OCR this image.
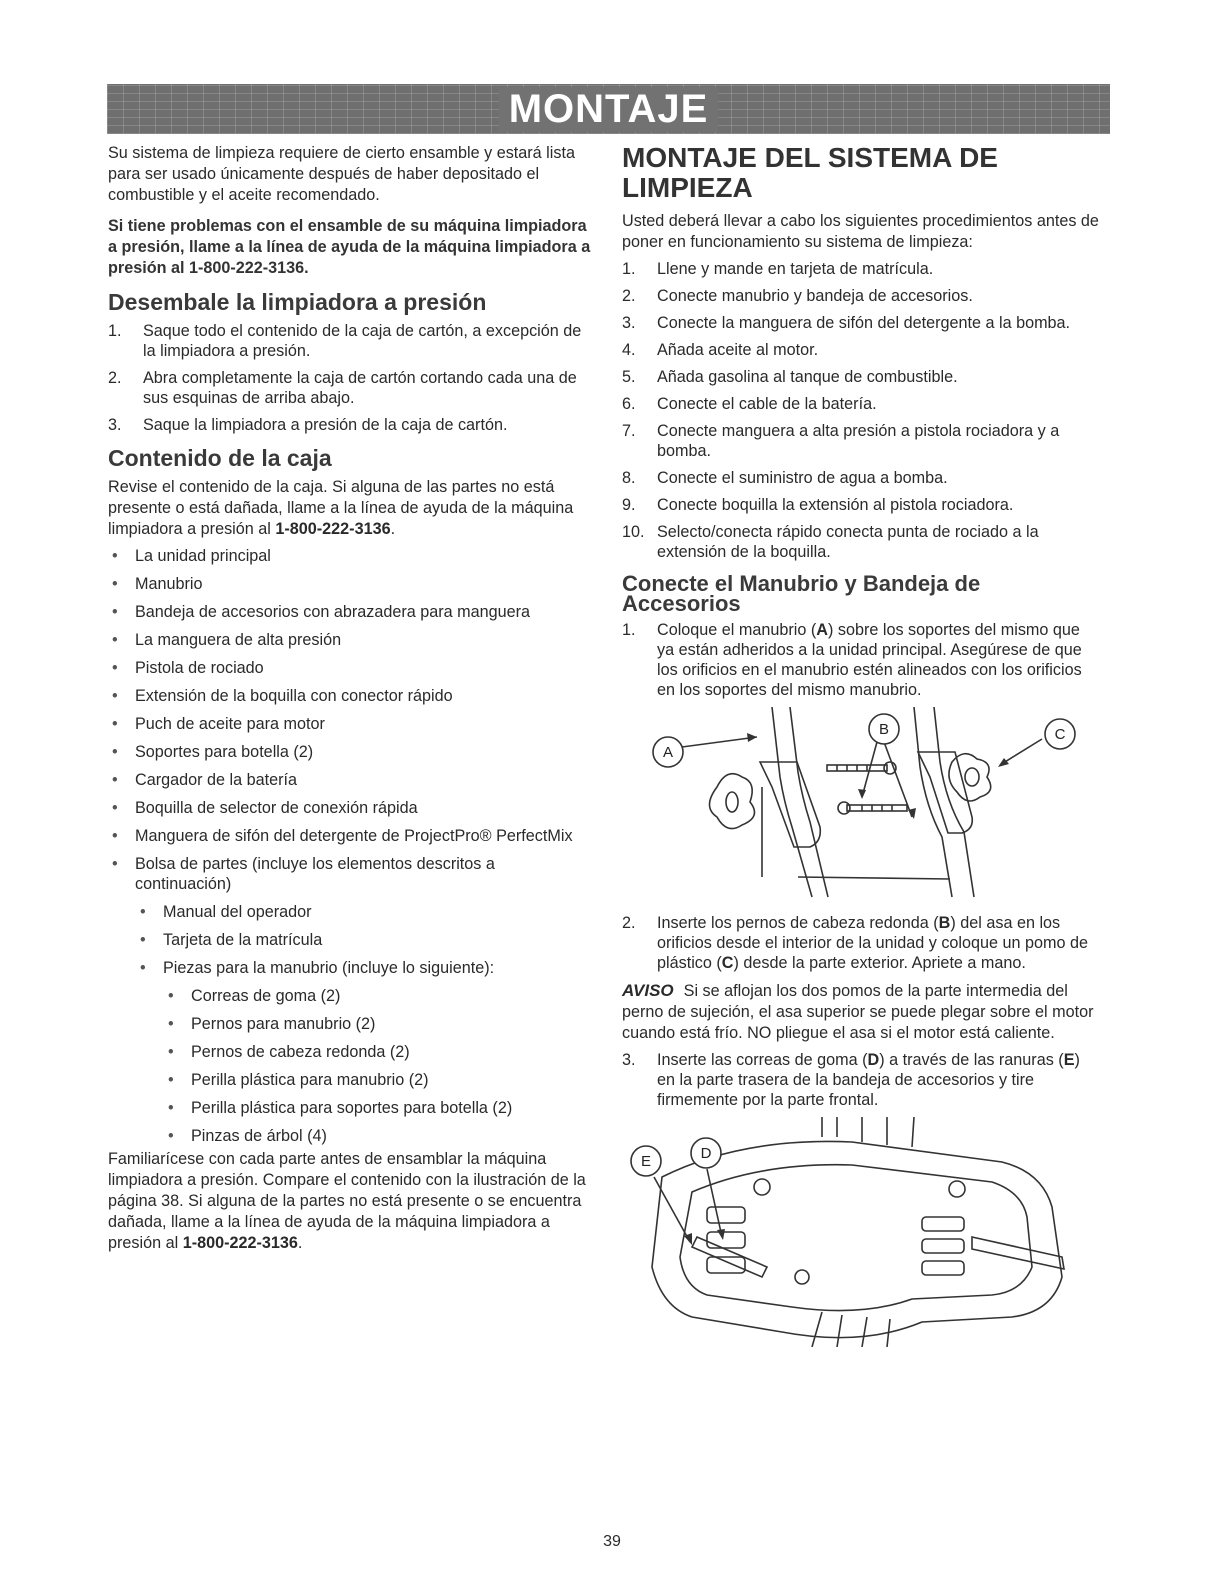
MONTAJE

Su sistema de limpieza requiere de cierto ensamble y estará lista para ser usado únicamente después de haber depositado el combustible y el aceite recomendado.

Si tiene problemas con el ensamble de su máquina limpiadora a presión, llame a la línea de ayuda de la máquina limpiadora a presión al 1-800-222-3136.

Desembale la limpiadora a presión
1. Saque todo el contenido de la caja de cartón, a excepción de la limpiadora a presión.
2. Abra completamente la caja de cartón cortando cada una de sus esquinas de arriba abajo.
3. Saque la limpiadora a presión de la caja de cartón.
Contenido de la caja

Revise el contenido de la caja. Si alguna de las partes no está presente o está dañada, llame a la línea de ayuda de la máquina limpiadora a presión al 1-800-222-3136.

• La unidad principal
• Manubrio
• Bandeja de accesorios con abrazadera para manguera
• La manguera de alta presión
• Pistola de rociado
• Extensión de la boquilla con conector rápido
• Puch de aceite para motor
• Soportes para botella (2)
• Cargador de la batería
• Boquilla de selector de conexión rápida
• Manguera de sifón del detergente de ProjectPro® PerfectMix
• Bolsa de partes (incluye los elementos descritos a continuación)
• Manual del operador
• Tarjeta de la matrícula
• Piezas para la manubrio (incluye lo siguiente):
• Correas de goma (2)
• Pernos para manubrio (2)
• Pernos de cabeza redonda (2)
• Perilla plástica para manubrio (2)
• Perilla plástica para soportes para botella (2)
• Pinzas de árbol (4)

Familiarícese con cada parte antes de ensamblar la máquina limpiadora a presión. Compare el contenido con la ilustración de la página 38. Si alguna de la partes no está presente o se encuentra dañada, llame a la línea de ayuda de la máquina limpiadora a presión al 1-800-222-3136.

MONTAJE DEL SISTEMA DE LIMPIEZA

Usted deberá llevar a cabo los siguientes procedimientos antes de poner en funcionamiento su sistema de limpieza:

1. Llene y mande en tarjeta de matrícula.
2. Conecte manubrio y bandeja de accesorios.
3. Conecte la manguera de sifón del detergente a la bomba.
4. Añada aceite al motor.
5. Añada gasolina al tanque de combustible.
6. Conecte el cable de la batería.
7. Conecte manguera a alta presión a pistola rociadora y a bomba.
8. Conecte el suministro de agua a bomba.
9. Conecte boquilla la extensión al pistola rociadora.
10. Selecto/conecta rápido conecta punta de rociado a la extensión de la boquilla.
Conecte el Manubrio y Bandeja de Accesorios
1. Coloque el manubrio (A) sobre los soportes del mismo que ya están adheridos a la unidad principal. Asegúrese de que los orificios en el manubrio estén alineados con los orificios en los soportes del mismo manubrio.
A
B	C
2. Inserte los pernos de cabeza redonda (B) del asa en los orificios desde el interior de la unidad y coloque un pomo de plástico (C) desde la parte exterior. Apriete a mano.

AVISO Si se aflojan los dos pomos de la parte intermedia del perno de sujeción, el asa superior se puede plegar sobre el motor cuando está frío. NO pliegue el asa si el motor está caliente.

3. Inserte las correas de goma (D) a través de las ranuras (E) en la parte trasera de la bandeja de accesorios y tire firmemente por la parte frontal.
E	D
39
